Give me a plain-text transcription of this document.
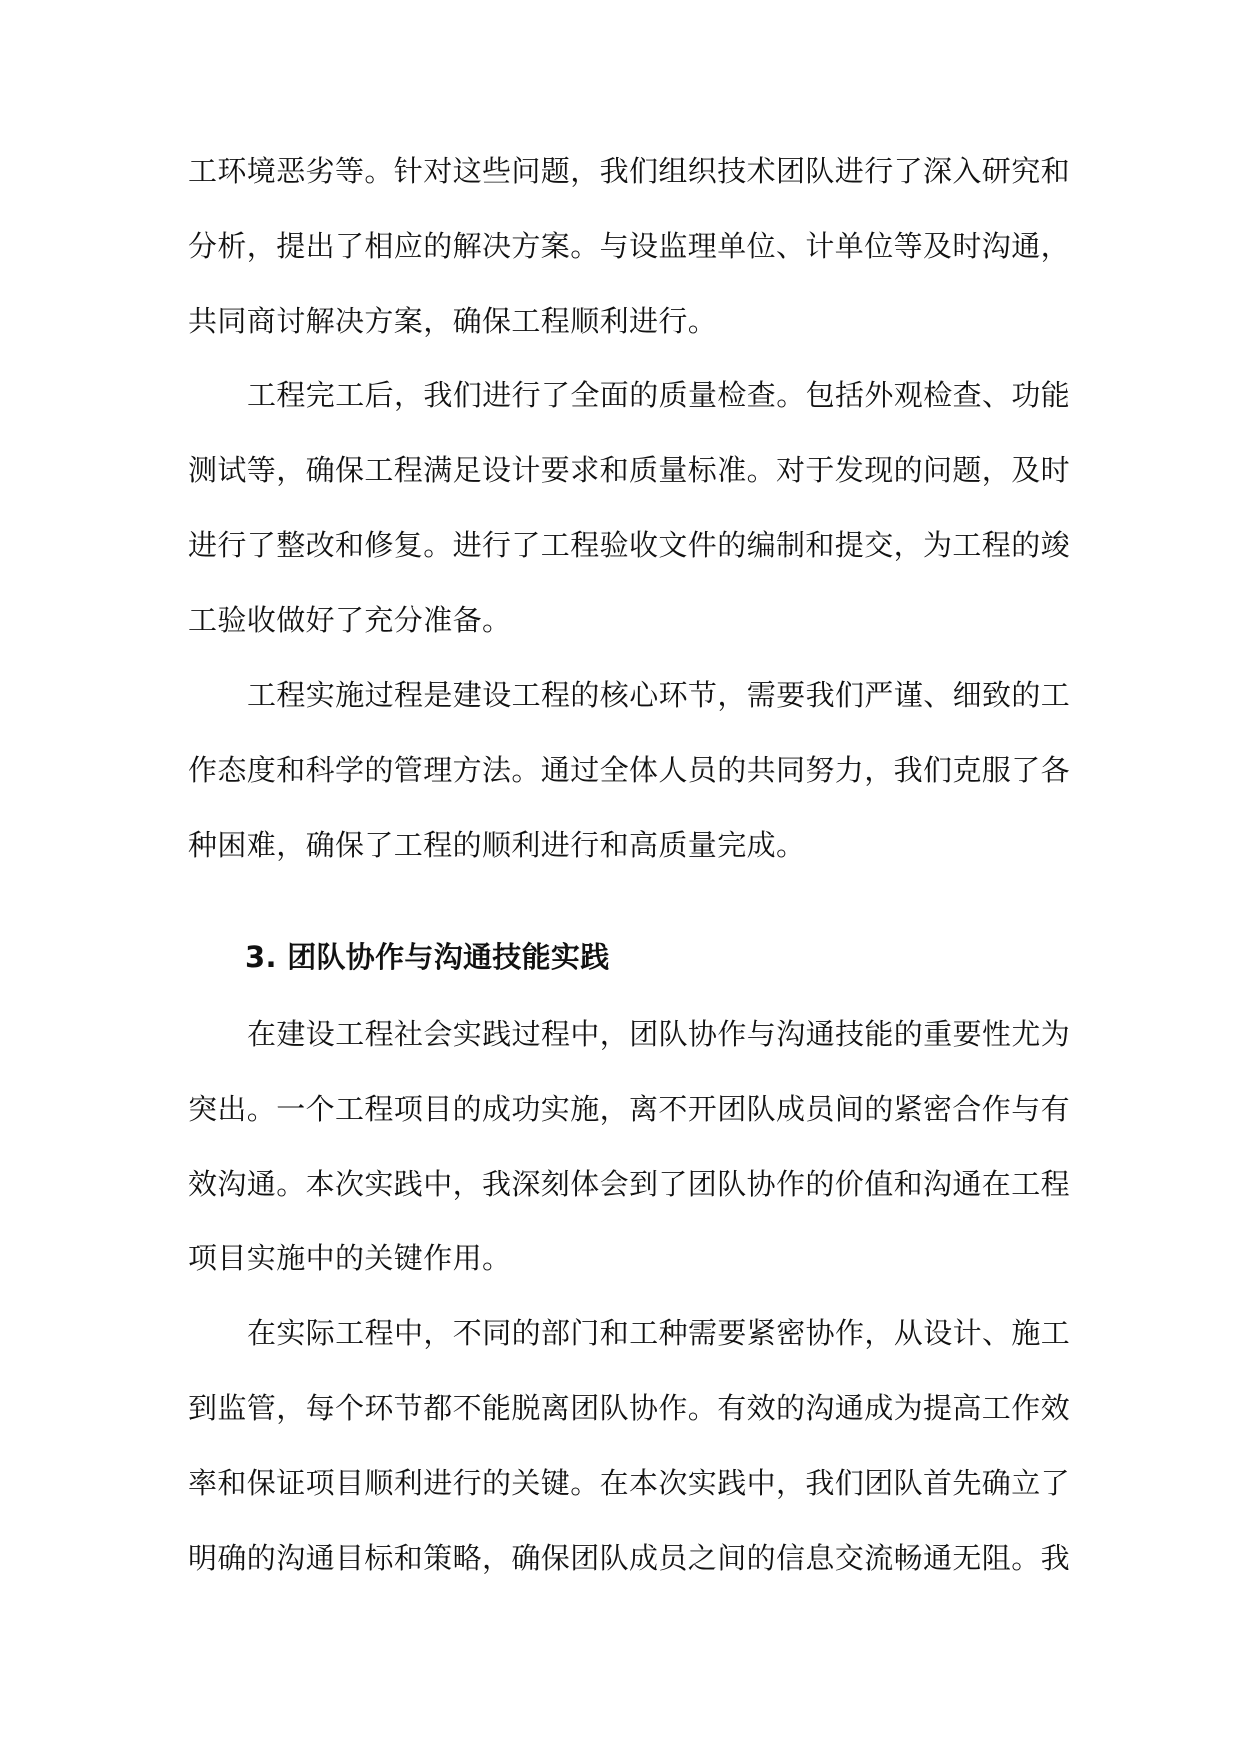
工环境恶劣等。针对这些问题，我们组织技术团队进行了深入研究和
分析，提出了相应的解决方案。与设监理单位、计单位等及时沟通，
共同商讨解决方案，确保工程顺利进行。
工程完工后，我们进行了全面的质量检查。包括外观检查、功能
测试等，确保工程满足设计要求和质量标准。对于发现的问题，及时
进行了整改和修复。进行了工程验收文件的编制和提交，为工程的竣
工验收做好了充分准备。
工程实施过程是建设工程的核心环节，需要我们严谨、细致的工
作态度和科学的管理方法。通过全体人员的共同努力，我们克服了各
种困难，确保了工程的顺利进行和高质量完成。
3. 团队协作与沟通技能实践
在建设工程社会实践过程中，团队协作与沟通技能的重要性尤为
突出。一个工程项目的成功实施，离不开团队成员间的紧密合作与有
效沟通。本次实践中，我深刻体会到了团队协作的价值和沟通在工程
项目实施中的关键作用。
在实际工程中，不同的部门和工种需要紧密协作，从设计、施工
到监管，每个环节都不能脱离团队协作。有效的沟通成为提高工作效
率和保证项目顺利进行的关键。在本次实践中，我们团队首先确立了
明确的沟通目标和策略，确保团队成员之间的信息交流畅通无阻。我
